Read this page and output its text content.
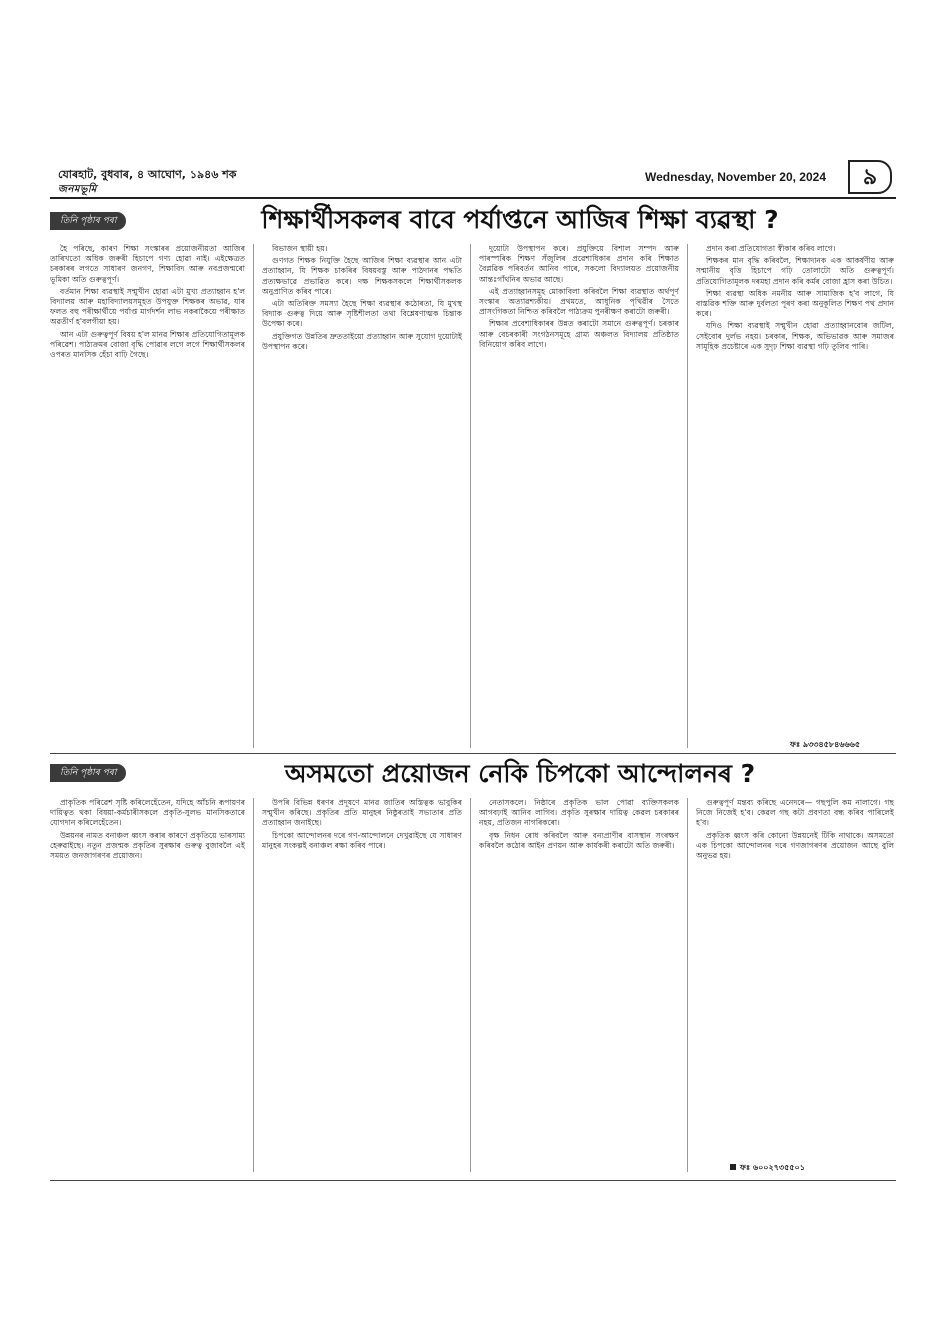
যোৰহাট, বুধবাৰ, ৪ আঘোণ, ১৯৪৬ শক
জনমভূমি
Wednesday, November 20, 2024	৯
তিনি পৃষ্ঠাৰ পৰা	শিক্ষাৰ্থীসকলৰ বাবে পৰ্যাপ্তনে আজিৰ শিক্ষা ব্যৱস্থা ?

হৈ পৰিছে, কাৰণ শিক্ষা সংস্কাৰৰ প্ৰয়োজনীয়তা আজিৰ তাৰিখতো অধিক জৰুৰী হিচাপে গণ্য হোৱা নাই। এইক্ষেত্ৰত চৰকাৰৰ লগতে সাধাৰণ জনগণ, শিক্ষাবিদ আৰু নবপ্ৰজন্মৰো ভূমিকা অতি গুৰুত্বপূৰ্ণ।

বৰ্তমান শিক্ষা ব্যৱস্থাই সন্মুখীন হোৱা এটা মুখ্য প্ৰত্যাহ্বান হ'ল বিদ্যালয় আৰু মহাবিদ্যালয়সমূহত উপযুক্ত শিক্ষকৰ অভাৱ, যাৰ ফলত বহু পৰীক্ষাৰ্থীয়ে পৰ্যাপ্ত মাৰ্গদৰ্শন লাভ নকৰাকৈয়ে পৰীক্ষাত অৱতীৰ্ণ হ'বলগীয়া হয়।

আন এটা গুৰুত্বপূৰ্ণ বিষয় হ'ল মানৱ শিক্ষাৰ প্ৰতিযোগিতামূলক পৰিৱেশ। পাঠ্যক্ৰমৰ বোজা বৃদ্ধি পোৱাৰ লগে লগে শিক্ষাৰ্থীসকলৰ ওপৰত মানসিক হেঁচা বাঢ়ি গৈছে।

বিভাজন স্থায়ী হয়।

গুণগত শিক্ষক নিযুক্তি হৈছে আজিৰ শিক্ষা ব্যৱস্থাৰ আন এটা প্ৰত্যাহ্বান, যি শিক্ষক চাকৰিৰ বিষয়বস্তু আৰু পাঠদানৰ পদ্ধতি প্ৰত্যক্ষভাৱে প্ৰভাৱিত কৰে। দক্ষ শিক্ষকসকলে শিক্ষাৰ্থীসকলক অনুপ্ৰাণিত কৰিব পাৰে।

এটা অতিৰিক্ত সমস্যা হৈছে শিক্ষা ব্যৱস্থাৰ কঠোৰতা, যি মুখস্থ বিদ্যাক গুৰুত্ব দিয়ে আৰু সৃষ্টিশীলতা তথা বিশ্লেষণাত্মক চিন্তাক উপেক্ষা কৰে।

প্ৰযুক্তিগত উন্নতিৰ দ্ৰুততাইয়ো প্ৰত্যাহ্বান আৰু সুযোগ দুয়োটাই উপস্থাপন কৰে।

দুয়োটা উপস্থাপন কৰে। প্ৰযুক্তিয়ে বিশাল সম্পদ আৰু পাৰস্পৰিক শিক্ষণ সঁজুলিৰ প্ৰৱেশাধিকাৰ প্ৰদান কৰি শিক্ষাত বৈপ্লৱিক পৰিবৰ্তন আনিব পাৰে, সকলো বিদ্যালয়ত প্ৰয়োজনীয় আন্তঃগাঁথনিৰ অভাৱ আছে।

এই প্ৰত্যাহ্বানসমূহ মোকাবিলা কৰিবলৈ শিক্ষা ব্যৱস্থাত অৰ্থপূৰ্ণ সংস্কাৰ অত্যাৱশ্যকীয়। প্ৰথমতে, আধুনিক পৃথিৱীৰ সৈতে প্ৰাসংগিকতা নিশ্চিত কৰিবলৈ পাঠ্যক্ৰম পুনৰীক্ষণ কৰাটো জৰুৰী।

শিক্ষাৰ প্ৰবেশাধিকাৰৰ উন্নত কৰাটো সমানে গুৰুত্বপূৰ্ণ। চৰকাৰ আৰু বেচৰকাৰী সংগঠনসমূহে গ্ৰাম্য অঞ্চলত বিদ্যালয় প্ৰতিষ্ঠাত বিনিয়োগ কৰিব লাগে।

প্ৰদান কৰা প্ৰতিযোগতা স্বীকাৰ কৰিব লাগে।

শিক্ষকৰ মান বৃদ্ধি কৰিবলৈ, শিক্ষাদানক এক আকৰ্ষণীয় আৰু সন্মানীয় বৃত্তি হিচাপে গঢ়ি তোলাটো অতি গুৰুত্বপূৰ্ণ। প্ৰতিযোগিতামূলক দৰমহা প্ৰদান কৰি কৰ্মৰ বোজা হ্ৰাস কৰা উচিত।

শিক্ষা ব্যৱস্থা অধিক নমনীয় আৰু সামাজিক হ'ব লাগে, যি বাস্তৱিক শক্তি আৰু দুৰ্বলতা পূৰণ কৰা অনুকূলিত শিক্ষণ পথ প্ৰদান কৰে।

যদিও শিক্ষা ব্যৱস্থাই সন্মুখীন হোৱা প্ৰত্যাহ্বানবোৰ জটিল, সেইবোৰ দুৰ্লভ নহয়। চৰকাৰ, শিক্ষক, অভিভাৱক আৰু সমাজৰ সামূহিক প্ৰচেষ্টাৰে এক সুদৃঢ় শিক্ষা ব্যৱস্থা গঢ়ি তুলিব পাৰি।

ফঃ ৯৩৩৪৫৮৪৬৬৬৫
তিনি পৃষ্ঠাৰ পৰা	অসমতো প্ৰয়োজন নেকি চিপকো আন্দোলনৰ ?

প্ৰাকৃতিক পৰিৱেশ সৃষ্টি কৰিলেহেঁতেন, যদিহে আঁচনি ৰূপায়ণৰ দায়িত্বত থকা বিষয়া-কৰ্মচাৰীসকলে প্ৰকৃতি-সুলভ মানসিকতাৰে যোগদান কৰিলেহেঁতেন।

উন্নয়নৰ নামত বনাঞ্চল ধ্বংস কৰাৰ কাৰণে প্ৰকৃতিয়ে ভাৰসাম্য হেৰুৱাইছে। নতুন প্ৰজন্মক প্ৰকৃতিৰ সুৰক্ষাৰ গুৰুত্ব বুজাবলৈ এই সময়ত জনজাগৰণৰ প্ৰয়োজন।

উপৰি বিভিন্ন ধৰণৰ প্ৰদূষণে মানৱ জাতিৰ অস্তিত্বক ভাবুকিৰ সন্মুখীন কৰিছে। প্ৰকৃতিৰ প্ৰতি মানুহৰ নিষ্ঠুৰতাই সভ্যতাৰ প্ৰতি প্ৰত্যাহ্বান জনাইছে।

চিপকো আন্দোলনৰ দৰে গণ-আন্দোলনে দেখুৱাইছে যে সাধাৰণ মানুহৰ সংকল্পই বনাঞ্চল ৰক্ষা কৰিব পাৰে।

নেতাসকলে। নিষ্ঠাৰে প্ৰকৃতিক ভাল পোৱা ব্যক্তিসকলক আগবঢ়াই আনিব লাগিব। প্ৰকৃতি সুৰক্ষাৰ দায়িত্ব কেৱল চৰকাৰৰ নহয়, প্ৰতিজন নাগৰিকৰো।

বৃক্ষ নিধন ৰোধ কৰিবলৈ আৰু বন্যপ্ৰাণীৰ বাসস্থান সংৰক্ষণ কৰিবলৈ কঠোৰ আইন প্ৰণয়ন আৰু কাৰ্যকৰী কৰাটো অতি জৰুৰী।

গুৰুত্বপূৰ্ণ মন্তব্য কৰিছে এনেদৰে— গছপুলি কম নালাগে। গছ নিজে নিজেই হ'ব। কেৱল গছ কটা প্ৰবণতা বন্ধ কৰিব পাৰিলেই হ'ব।

প্ৰকৃতিক ধ্বংস কৰি কোনো উন্নয়নেই টিকি নাথাকে। অসমতো এক চিপকো আন্দোলনৰ দৰে গণজাগৰণৰ প্ৰয়োজন আছে বুলি অনুভৱ হয়।

ফঃ ৬০০২৭৩৫৫০১
